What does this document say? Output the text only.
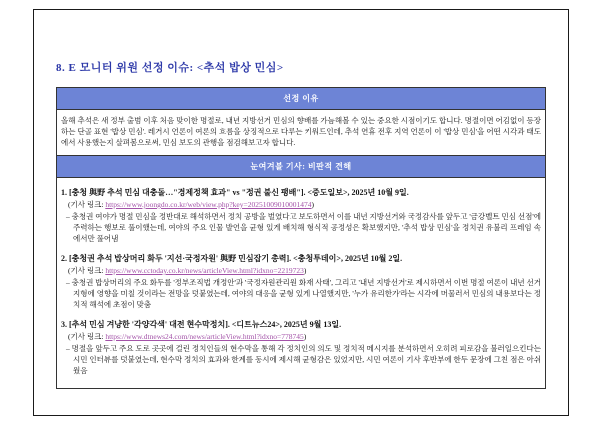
8. E 모니터 위원 선정 이슈: <추석 밥상 민심>
선정 이유
올해 추석은 새 정부 출범 이후 처음 맞이한 명절로, 내년 지방선거 민심의 향배를 가늠해볼 수 있는 중요한 시점이기도 합니다. 명절이면 어김없이 등장하는 단골 표현 '밥상 민심'. 레거시 언론이 여론의 흐름을 상징적으로 다루는 키워드인데, 추석 연휴 전후 지역 언론이 이 '밥상 민심'을 어떤 시각과 태도에서 사용했는지 살펴봄으로써, 민심 보도의 관행을 점검해보고자 합니다.
눈여겨볼 기사: 비판적 견해

1. [충청 與野 추석 민심 대충돌…"경제정책 효과" vs "정권 불신 팽배"]. <중도일보>, 2025년 10월 9일.

(기사 링크: https://www.joongdo.co.kr/web/view.php?key=20251009010001474)

– 충청권 여야가 명절 민심을 정반대로 해석하면서 정치 공방을 벌였다고 보도하면서 이를 내년 지방선거와 국정감사를 앞두고 '금강벨트 민심 선점'에 주력하는 행보로 풀이했는데, 여야의 주요 인물 발언을 균형 있게 배치해 형식적 공정성은 확보했지만, '추석 밥상 민심'을 정치권 유불리 프레임 속에서만 풀어냄

2. [충청권 추석 밥상머리 화두 '지선·국정자원' 與野 민심잡기 총력]. <충청투데이>, 2025년 10월 2일.

(기사 링크: https://www.cctoday.co.kr/news/articleView.html?idxno=2219723)

– 충청권 밥상머리의 주요 화두를 '정부조직법 개정안'과 '국정자원관리원 화재 사태', 그리고 '내년 지방선거'로 제시하면서 이번 명절 여론이 내년 선거 지형에 영향을 미칠 것이라는 전망을 덧붙였는데, 여야의 대응을 균형 있게 나열했지만, '누가 유리한가'라는 시각에 머물러서 민심의 내용보다는 정치적 해석에 초점이 맞춤

3. [추석 민심 겨냥한 '각양각색' 대전 현수막정치]. <디트뉴스24>, 2025년 9월 13일.

(기사 링크: https://www.dtnews24.com/news/articleView.html?idxno=778745)

– 명절을 앞두고 주요 도로 곳곳에 걸린 정치인들의 현수막을 통해 각 정치인의 의도 및 정치적 메시지를 분석하면서 오히려 피로감을 불러일으킨다는 시민 인터뷰를 덧붙였는데, 현수막 정치의 효과와 한계를 동시에 제시해 균형감은 있었지만, 시민 여론이 기사 후반부에 한두 문장에 그친 점은 아쉬웠음
